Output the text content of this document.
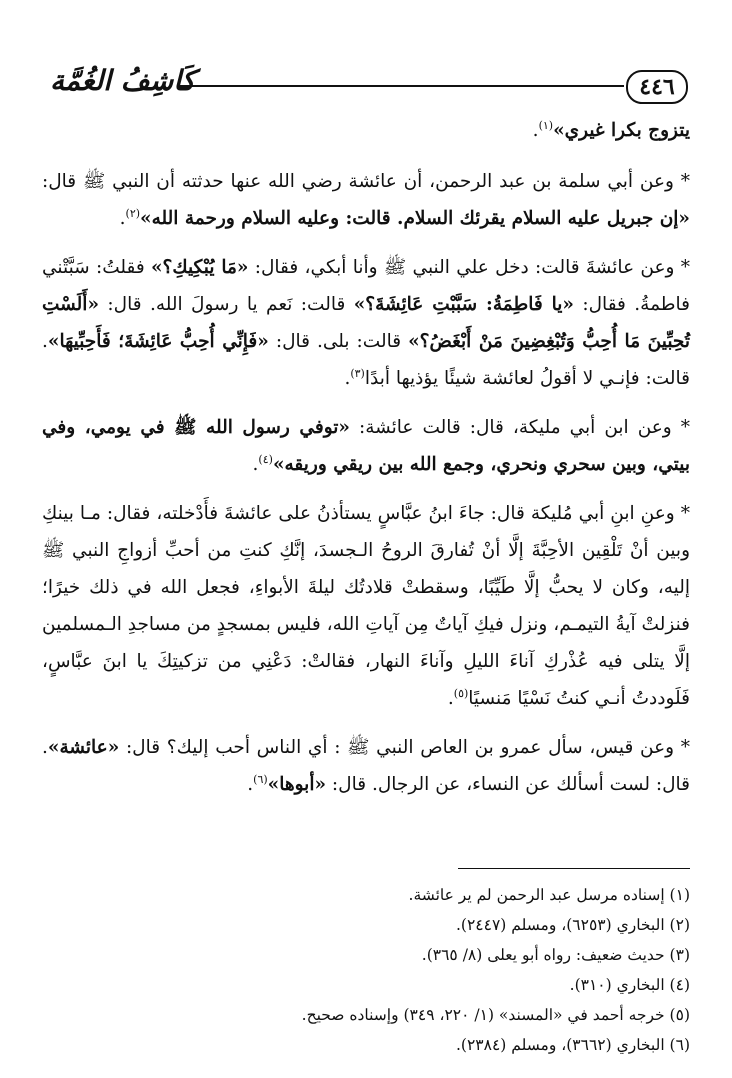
٤٤٦
كَاشِفُ الغُمَّة

يتزوج بكرا غيري»$^{(١)}$.

* وعن أبي سلمة بن عبد الرحمن، أن عائشة رضي الله عنها حدثته أن النبي ﷺ قال: «إن جبريل عليه السلام يقرئك السلام. قالت: وعليه السلام ورحمة الله»$^{(٢)}$.

* وعن عائشةَ قالت: دخل علي النبي ﷺ وأنا أبكي، فقال: «مَا يُبْكِيكِ؟» فقلتُ: سَبَّتْني فاطمةُ. فقال: «يا فَاطِمَةُ: سَبَّبْتِ عَائِشَةَ؟» قالت: نَعم يا رسولَ الله. قال: «أَلَسْتِ تُحِبِّينَ مَا أُحِبُّ وَتُبْغِضِينَ مَنْ أَبْغَضُ؟» قالت: بلى. قال: «فَإِنِّي أُحِبُّ عَائِشَةَ؛ فَأَحِبِّيهَا». قالت: فإنـي لا أقولُ لعائشة شيئًا يؤذيها أبدًا$^{(٣)}$.

* وعن ابن أبي مليكة، قال: قالت عائشة: «توفي رسول الله ﷺ في يومي، وفي بيتي، وبين سحري ونحري، وجمع الله بين ريقي وريقه»$^{(٤)}$.

* وعنِ ابنِ أبي مُليكة قال: جاءَ ابنُ عبَّاسٍ يستأذنُ على عائشةَ فأَدْخلته، فقال: مـا بينكِ وبين أنْ تَلْقِين الأحِبَّةَ إلَّا أنْ تُفارقَ الروحُ الـجسدَ، إنَّكِ كنتِ من أحبِّ أزواجِ النبي ﷺ إليه، وكان لا يحبُّ إلَّا طَيِّبًا، وسقطتْ قلادتُك ليلةَ الأبواءِ، فجعل الله في ذلك خيرًا؛ فنزلتْ آيةُ التيمـم، ونزل فيكِ آياتٌ مِن آياتِ الله، فليس بمسجدٍ من مساجدِ الـمسلمين إلَّا يتلى فيه عُذْركِ آناءَ الليلِ وآناءَ النهار، فقالتْ: دَعْنِي من تزكيتِكَ يا ابنَ عبَّاسٍ، فَلَوددتُ أنـي كنتُ نَسْيًا مَنسيًا$^{(٥)}$.

* وعن قيس، سأل عمرو بن العاص النبي ﷺ : أي الناس أحب إليك؟ قال: «عائشة». قال: لست أسألك عن النساء، عن الرجال. قال: «أبوها»$^{(٦)}$.

(١) إسناده مرسل عبد الرحمن لم ير عائشة.
(٢) البخاري (٦٢٥٣)، ومسلم (٢٤٤٧).
(٣) حديث ضعيف: رواه أبو يعلى (٨/ ٣٦٥).
(٤) البخاري (٣١٠).
(٥) خرجه أحمد في «المسند» (١/ ٢٢٠، ٣٤٩) وإسناده صحيح.
(٦) البخاري (٣٦٦٢)، ومسلم (٢٣٨٤).
